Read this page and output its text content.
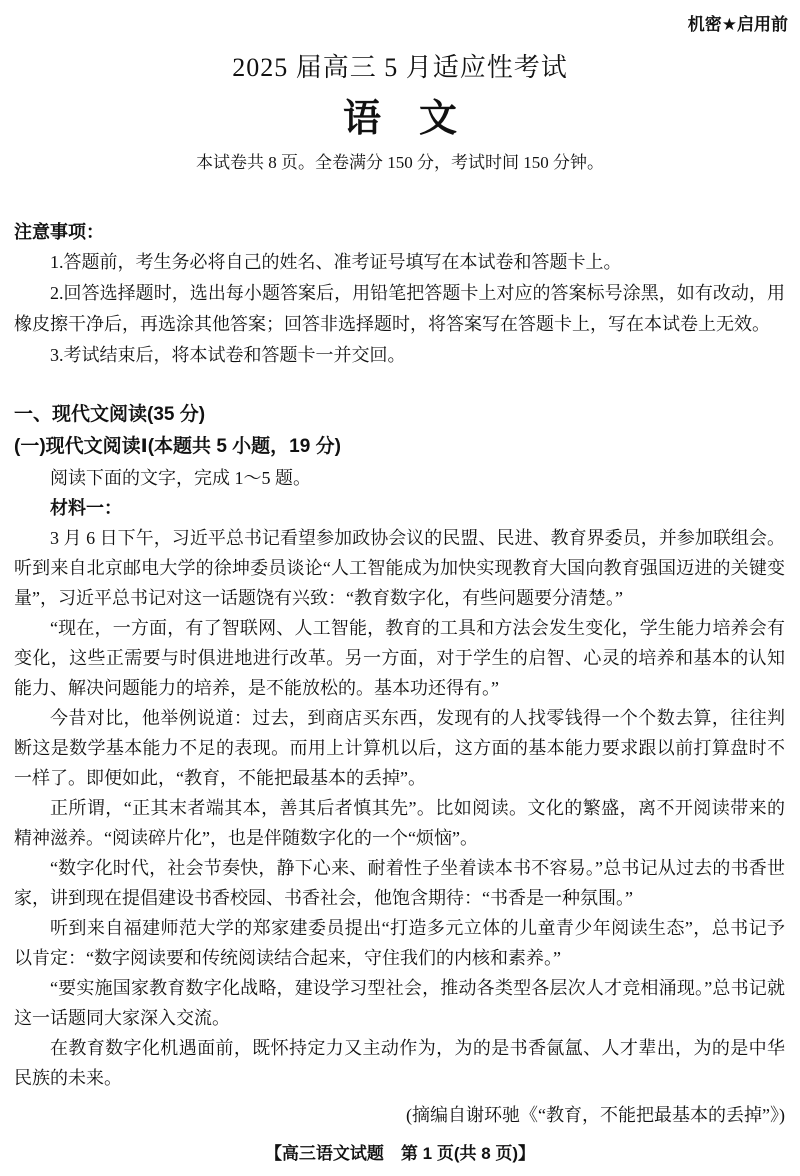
机密★启用前
2025 届高三 5 月适应性考试
语　文
本试卷共 8 页。全卷满分 150 分，考试时间 150 分钟。
注意事项：

1.答题前，考生务必将自己的姓名、准考证号填写在本试卷和答题卡上。

2.回答选择题时，选出每小题答案后，用铅笔把答题卡上对应的答案标号涂黑，如有改动，用橡皮擦干净后，再选涂其他答案；回答非选择题时，将答案写在答题卡上，写在本试卷上无效。

3.考试结束后，将本试卷和答题卡一并交回。

一、现代文阅读(35 分)
(一)现代文阅读Ⅰ(本题共 5 小题，19 分)

阅读下面的文字，完成 1～5 题。

材料一：

3 月 6 日下午，习近平总书记看望参加政协会议的民盟、民进、教育界委员，并参加联组会。听到来自北京邮电大学的徐坤委员谈论“人工智能成为加快实现教育大国向教育强国迈进的关键变量”，习近平总书记对这一话题饶有兴致：“教育数字化，有些问题要分清楚。”

“现在，一方面，有了智联网、人工智能，教育的工具和方法会发生变化，学生能力培养会有变化，这些正需要与时俱进地进行改革。另一方面，对于学生的启智、心灵的培养和基本的认知能力、解决问题能力的培养，是不能放松的。基本功还得有。”

今昔对比，他举例说道：过去，到商店买东西，发现有的人找零钱得一个个数去算，往往判断这是数学基本能力不足的表现。而用上计算机以后，这方面的基本能力要求跟以前打算盘时不一样了。即便如此，“教育，不能把最基本的丢掉”。

正所谓，“正其末者端其本，善其后者慎其先”。比如阅读。文化的繁盛，离不开阅读带来的精神滋养。“阅读碎片化”，也是伴随数字化的一个“烦恼”。

“数字化时代，社会节奏快，静下心来、耐着性子坐着读本书不容易。”总书记从过去的书香世家，讲到现在提倡建设书香校园、书香社会，他饱含期待：“书香是一种氛围。”

听到来自福建师范大学的郑家建委员提出“打造多元立体的儿童青少年阅读生态”，总书记予以肯定：“数字阅读要和传统阅读结合起来，守住我们的内核和素养。”

“要实施国家教育数字化战略，建设学习型社会，推动各类型各层次人才竞相涌现。”总书记就这一话题同大家深入交流。

在教育数字化机遇面前，既怀持定力又主动作为，为的是书香氤氲、人才辈出，为的是中华民族的未来。

(摘编自谢环驰《“教育，不能把最基本的丢掉”》)
【高三语文试题　第 1 页(共 8 页)】
